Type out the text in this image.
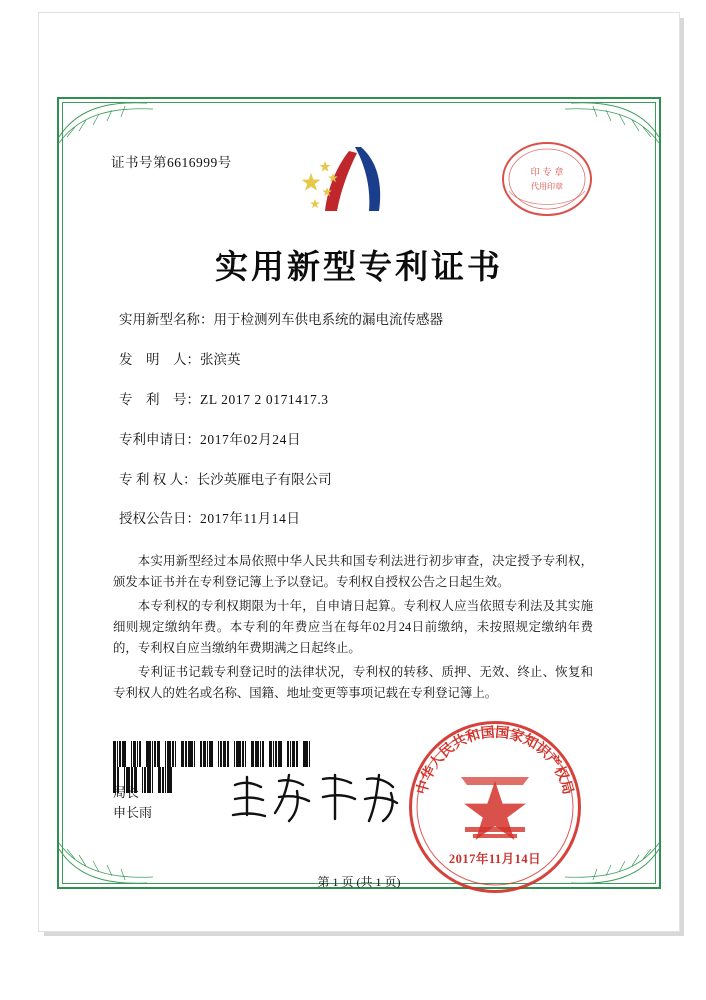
证书号第6616999号
印 专 章
代用印章
实用新型专利证书
实用新型名称：用于检测列车供电系统的漏电流传感器
发　明　人：张滨英
专　利　号：ZL 2017 2 0171417.3
专利申请日：2017年02月24日
专 利 权 人：长沙英雁电子有限公司
授权公告日：2017年11月14日

本实用新型经过本局依照中华人民共和国专利法进行初步审查，决定授予专利权，颁发本证书并在专利登记簿上予以登记。专利权自授权公告之日起生效。

本专利权的专利权期限为十年，自申请日起算。专利权人应当依照专利法及其实施细则规定缴纳年费。本专利的年费应当在每年02月24日前缴纳，未按照规定缴纳年费的，专利权自应当缴纳年费期满之日起终止。

专利证书记载专利登记时的法律状况，专利权的转移、质押、无效、终止、恢复和专利权人的姓名或名称、国籍、地址变更等事项记载在专利登记簿上。

局长
申长雨
中华人民共和国国家知识产权局
2017年11月14日
第 1 页 (共 1 页)
